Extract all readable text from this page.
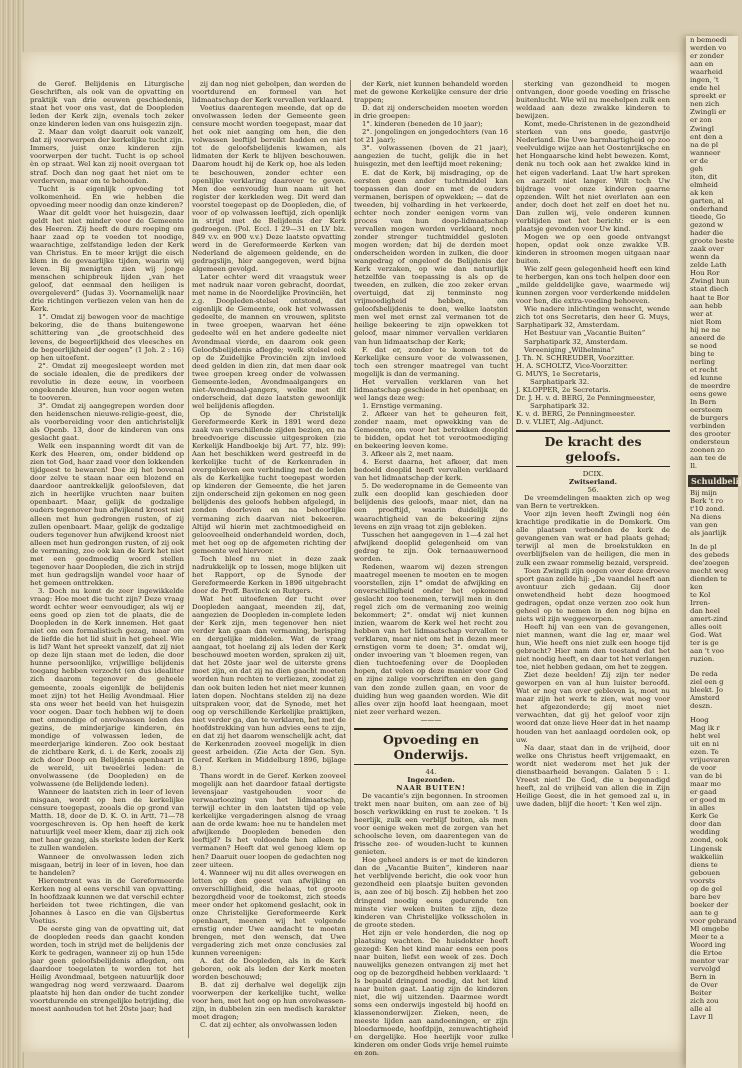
de Geref. Belijdenis en Liturgische Geschriften, als ook van de opvatting en praktijk van drie eeuwen geschiedenis, staat het voor ons vast, dat de Doopleden leden der Kerk zijn, evenals toch zeker onze kinderen leden van ons huisgezin zijn.

2. Maar dan volgt daaruit ook vanzelf, dat zij voorwerpen der kerkelijke tucht zijn. Immers, juist onze kinderen zijn voorwerpen der tucht. Tucht is op school èn op straat. Wel kan zij nooit overgaan tot straf. Doch dan nog gaat het niet om te verderven, maar om te behouden.

Tucht is eigenlijk opvoeding tot volkomenheid. En wie hebben die opvoeding meer noodig dan onze kinderen?

Waar dit geldt voor het huisgezin, daar geldt het niet minder voor de Gemeente des Heeren. Zij heeft de dure roeping om haar zaad op te voeden tot noodige, waarachtige, zelfstandige leden der Kerk van Christus. En te meer krijgt die eisch klem in de gevaarlijke tijden, waarin wij leven. Bij menigten zien wij jonge menschen schipbreuk lijden „van het geloof, dat eenmaal den heiligen is overgeleverd” (Judas 3). Voornamelijk naar drie richtingen verliezen velen van hen de Kerk.

1°. Omdat zij bewogen voor de machtige bekoring, die de thans buitengewone schittering van „de grootschheid des levens, de begeerlijkheid des vleesches en de begeerlijkheid der oogen” (1 Joh. 2 : 16) op hen uitoefent.

2°. Omdat zij meegesleept worden met de sociale idealen, die de predikers der revolutie in deze eeuw, in voorbeen ongekende kleuren, hun voor oogen weten te tooveren.

3°. Omdat zij aangegrepen worden door den heidenschen nieuwe-religie-geest, die, als voorbereiding voor den antichristelijk als Openb. 13, door de kinderen van ons geslacht gaat.

Welk een inspanning wordt dit van de Kerk des Heeren, om, onder biddend op zien tot God, haar zaad voor den lokkenden tijdgeest te bewaren! Doe zij het bovenal door zelve te staan naar een blozend en daardoor aantrekkelijk geloofsleven, dat zich in heerlijke vruchten naar buiten openbaart. Maar, gelijk de godzalige ouders tegenover hun afwijkend kroost niet alleen met hun gedrongen rusten, of zij zullen openbaart. Maar, gelijk de godzalige ouders tegenover hun afwijkend kroost niet alleen met hun gedrongen rusten, of zij ook de vermaning, zoo ook kan de Kerk het niet met een goedmoedig woord stellen tegenover haar Doopleden, die zich in strijd met hun gedragslijn wandel voor haar of het gemeen onttrekken.

3. Doch nu komt de zeer ingewikkelde vraag: Hoe moet die tucht zijn? Deze vraag wordt echter weer eenvoudiger, als wij er eens goed op zien tot de plaats, die de Doopleden in de Kerk innemen. Het gaat niet om een formalistisch gezag, maar om de liefde die het lid sluit in het geheel. Wie is lid? Want het spreekt vanzelf, dat zij niet op deze lijn staan met de leden, die door hunne persoonlijke, vrijwillige belijdenis toegang hebben verzocht (en dus idealiter zich daarom tegenover de geheele gemeente, zooals eigenlijk de belijdenis moet zijn) tot het Heilig Avondmaal. Hier sta ons weer het beeld van het huisgezin voor oogen. Daar toch hebben wij te doen met onmondige of onvolwassen leden des gezins, de minderjarige kinderen, én mondige of volwassen leden, de meerderjarige kinderen. Zoo ook bestaat de zichtbare Kerk, d. i. de Kerk, zooals zij zich door Doop en Belijdenis openbaart in de wereld, uit tweeërlei leden: de onvolwassene (de Doopleden) en de volwassene (de Belijdende leden).

Wanneer de laatsten zich in leer of leven misgaan, wordt op hen de kerkelijke censure toegepast, zooals die op grond van Matth. 18, door de D. K. O. in Artt. 71—78 voorgeschreven is. Op hen heeft de kerk natuurlijk veel meer klem, daar zij zich ook met haar gezag, als sterkste leden der Kerk te zullen wandelen.

Wanneer de onvolwassen leden zich misgaan, betrij in leer of in leven, hoe dan te handelen?

Hieromtrent was in de Gereformeerde Kerken nog al eens verschil van opvatting. In hoofdzaak kunnen we dat verschil echter herleiden tot twee richtingen, die van Johannes à Lasco en die van Gijsbertus Voetius.

De eerste ging van de opvatting uit, dat de doopleden reeds dan gaacht konden worden, toch in strijd met de belijdenis der Kerk te gedragen, wanneer zij op hun 15de jaar geen geloofsbelijdenis aflegden, om daardoor toegelaten te worden tot het Heilig Avondmaal, betgeen natuurlijk door wangedrag nog werd verzwaard. Daarom plaatste hij hen dan onder de tucht zonder voortdurende en strengelijke betrijding, die moest aanhouden tot het 20ste jaar; had

zij dan nog niet gebolpen, dan werden de voortdurend en formeel van het lidmaatschap der Kerk vervallen verklaard.

Voetius daarentegen meende, dat op de onvolwassen leden der Gemeente geen censure mocht worden toegepast, maar dat het ook niet aanging om hen, die den volwassen leeftijd bereikt hadden en niet tot de geloofsbelijdenis kwamen, als lidmaten der Kerk te blijven beschouwen. Daarom houdt hij de Kerk op, hoe als leden te beschouwen, zonder echter een openlijke verklaring daarover te geven. Men doe eenvoudig hun naam uit het register der kerkleden weg. Dit werd dan voorstel toegepast op de Doopleden, die, of voor of op volwassen leeftijd, zich openlijk in strijd met de Belijdenis der Kerk gedroegen. (Pol. Eccl. I 29—31 en LV blz. 849 v.v. en 900 v.v.) Deze laatste opvatting werd in de Gereformeerde Kerken van Nederland de algemeen geldende, en de gedragslijn, hier aangegeven, werd bijna algemeen gevolgd.

Later echter werd dit vraagstuk weer met nadruk naar voren gebracht, doordat, met name in de Noordelijke Provinciën, het z.g. Doopleden-stelsel ontstond, dat eigenlijk de Gemeente, ook het volwassen gedeelte, de mannen en vrouwen, splitste in twee groepen, waarvan het ééne gedeelte wél en het andere gedeelte niet Avondmaal vierde, en daarom ook geen Geloofsbelijdenis aflegde; welk stelsel ook op de Zuidelijke Provinciën zijn invloed deed gelden in dien zin, dat men daar ook twee groepen kreeg onder de volwassen Gemeente-leden, Avondmaalgangers en niet-Avondmaal-gangers, welke met dit onderscheid, dat deze laatsten gewoonlijk wel belijdenis aflegden.

Op de Synode der Christelijk Gereformeerde Kerk in 1891 werd deze zaak van verschillende zijden bezien, en na breedvoerige discussie uitgesproken (zie Kerkelijk Handboekje bij Art. 77, blz. 99): Aan het beschikken werd gestreefd in de kerkelijke tucht of de Kerkenraden in overgebleven een verbinding met de leden als de Kerkelijke tucht toegepast worden op kinderen der Gemeente, die het jaren zijn onderscheid zijn gekomen en nog geen belijdenis des geloofs hebben afgelegd, in zonden doorleven en na behoorlijke vermaning zich daarvan niet bekeeren. Altijd wil hierin met zachtmoedigheid en gelooveelheid onderhandeld worden, doch, met het oog op de afgemeten richting der gemeente wel hiervoor.

Toch bleef nu niet in deze zaak nadrukkelijk op te lossen, moge blijken uit het Rapport, op de Synode der Gereformeerde Kerken in 1896 uitgebracht door de Proff. Bavinck en Rutgers.

Wat het uitoefenen der tucht over Doopleden aangaat, meenden zij, dat, aangezien de Doopleden in-complete leden der Kerk zijn, men tegenover hen niet verder kan gaan dan vermaning, berisping en dergelijke middelen. Wat de vraag aangaat, tot hoelang zij als leden der Kerk beschouwd moeten worden, spraken zij uit, dat het 20ste jaar wel de uiterste grens moet zijn, en dat zij na dien gaacht moeten worden hun rechten te verliezen, zoodat zij dan ook buiten leden het niet meer kunnen laten dopen. Nochtans stelden zij na deze uitspraken voor, dat de Synode, met het oog op verschillende Kerkelijke praktijken, niet verder ga, dan te verklaren, het met de hoofdstrekking van hun advies eens te zijn, en dat zij het daarom wenschelijk acht, dat de Kerkenraden zooveel mogelijk in dien geest arbeiden. (Zie Acta der Gen. Syn. Geref. Kerken in Middelburg 1896, bijlage 8.)

Thans wordt in de Geref. Kerken zooveel mogelijk aan het daardoor fataal dertigste levensjaar vastgehouden voor de verwaarloozing van het lidmaatschap, terwijl echter in den laatsten tijd op vele kerkelijke vergaderingen alsnog de vraag aan de orde kwam: hoe nu te handelen met afwijkende Doopleden beneden den leeftijd? Is het voldoende hen alleen te vermanen? Heeft dat wel genoeg klem op hen? Daaruit ouer loopen de gedachten nog zeer uiteen.

4. Wanneer wij nu dit alles overwegen en letten op den geest van afwijking en onverschilligheid, die helaas, tot groote bezorgdheid voor de toekomst, zich steeds meer onder het opkomend geslacht, ook in onze Christelijke Gereformeerde Kerk openbaart, meenen wij het volgende ernstig onder Uwe aandacht te moeten brengen, met den wensch, dat Uwe vergadering zich met onze conclusies zal kunnen vereenigen:

A. dat de Doopleden, als in de Kerk geboren, ook als leden der Kerk moeten worden beschouwd;

B. dat zij derhalve wel degelijk zijn voorwerpen der kerkelijke tucht, welke voor hen, met het oog op hun onvolwassen-zijn, in dubbelen zin een medisch karakter moet dragen;

C. dat zij echter, als onvolwassen leden

der Kerk, niet kunnen behandeld worden met de gewone Kerkelijke censure der drie trappen;

D. dat zij onderscheiden moeten worden in drie groepen:

1°. kinderen (beneden de 10 jaar);

2°. jongelingen en jongedochters (van 16 tot 21 jaar);

3°. volwassenen (boven de 21 jaar), aangezien de tucht, gelijk die in het huisgezin, met den leeftijd moet rekening;

E. dat de Kerk, bij misdraging, op de eersten geen ander tuchtmiddel kan toepassen dan door en met de ouders vermanen, berispen of opwekken; — dat de tweeden, bij volharding in het verkeerde, echter noch zonder eenigen vorm van proces van hun doop-lidmaatschap vervallen mogen worden verklaard, noch zonder strenger tuchtmiddel gesloten mogen worden; dat bij de derden moet onderscheiden worden in zulken, die door wangedrag of ongeloof de Belijdenis der Kerk verzaken, op wie dan natuurlijk hetzelfde van toepassing is als op de tweeden, en zulken, die zoo zeker ervan overtuigd, dat zij tenminste nog vrijmoedigheid hebben, om geloofsbelijdenis te doen, welke laatsten men wel met ernst zal vermanen tot de heilige bekeering te zijn opwekken tot geloof, maar nimmer vervallen verklaren van hun lidmaatschap der Kerk;

F. dat er, zonder te komen tot de Kerkelijke censure voor de volwassenen, toch een strenger maatregel van tucht mogelijk is dan de vermaning.

Het vervallen verklaren van het lidmaatschap geschiede in het openbaar, en wel langs deze weg:

1. Ernstige vermaning.

2. Afkeer van het te geheuren feit, zonder naam, met opwekking van de Gemeente, om voor het betrokken dooplid te bidden, opdat het tot verootmoediging en bekeering leeven kome.

3. Afkeer als 2, met naam.

4. Eerst daarna, het afkeer, dat men bedoeld dooplid heeft vervallen verklaard van het lidmaatschap der kerk.

5. De wederopname in de Gemeente van zulk een dooplid kan geschieden door belijdenis des geloofs, maar niet, dan na een proeftijd, waarin duidelijk de waarachtigheid van de bekeering zijns levens en zijn vraag tot zijn gebleken.

Tusschen het aangegeven in 1—4 zal het afwijkend dooplid gelegenheid om van gedrag te zijn. Ook ternaauwernood worden.

Redenen, waarom wij dezen strengen maatregel meenen te moeten en te mogen voorstellen, zijn 1° omdat de afwijking en onverschilligheid onder het opkomend geslacht zoo toenemen, terwijl men in den regel zich om de vermaning zoo weinig bekommert; 2°. omdat wij niet kunnen inzien, waarom de Kerk wel het recht zou hebben van het lidmaatschap vervallen te verklaren, maar niet om het in dezen meer ernstigen vorm te doen; 3°. omdat wij, onder invoering van 't bloemen regen, van dien tuchtoefening over de Doopleden hopen, dat velen op deze manier voor God en zijne zalige voorschriften en den gang van den zonde zullen gaan, en voor de duiding hun weg gaanden worden. Wie dit alles over zijn hoofd laat heengaan, moet niet zeer verhard wezen.

———

Opvoeding en Onderwijs.

44.

Ingezonden.

NAAR BUITEN!

De vacantie's zijn begonnen. In stroomen trekt men naar buiten, om aan zee of bij bosch verkwikking en rust te zoeken. 't Is heerlijk, zulk een verblijf buiten, als men voor eenige weken met de zorgen van het schoolsche leven, om daarentegen van de frissche zee- of wouden-lucht te kunnen genieten.

Hoe geheel anders is er met de kinderen dan de „Vacantie Buiten”, kinderen naar het verblijvende bericht, die ook voor hun gezondheid een plaatsje buiten gevonden is, aan zee of bij bosch. Zij hebben het zoo dringend noodig eens gedurende ten minste vier weken buiten te zijn, deze kinderen van Christelijke volksscholen in de groote steden.

Het zijn er vele honderden, die nog op plaatsing wachten. De huisdokter heeft gezegd: Ken het kind maar eens een poos naar buiten, liefst een week of zes. Doch nauwelijks genezen ontvangen zij met het oog op de bezorgdheid hebben verklaard: 't Is bepaald dringend noodig, dat het kind naar buiten gaat. Laatig zijn de kinderen niet, die wij uitzenden. Daarmee wordt soms een onderwijs ingesteld bij hoofd en klassenonderwijzer. Zieken, neen, de meeste lijden aan aandoeningen, er zijn bloedarmoede, hoofdpijn, zenuwachtigheid en dergelijke. Hoe heerlijk voor zulke kinderen om onder Gods vrije hemel ruimte en zon.

sterking van gezondheid te mogen ontvangen, door goede voeding en frissche buitenlucht. Wie wil nu meehelpen zulk een weldaad aan deze zwakke kinderen te bewijzen.

Komt, mede-Christenen in de gezondheid sterken van ons goede, gastvrije Nederland. Die Uwe barmhartigheid op zoo veelvuldige wijze aan het Oostenrijksche en het Hongaarsche kind hebt bewezen. Komt, denk nu toch ook aan het zwakke kind in het eigen vaderland. Laat Uw hart spreken en aarzelt niet langer. Wilt toch Uw bijdrage voor onze kinderen gaarne opzenden. Wilt het niet overlaten aan een ander, doch doet het zelf en doet het nu. Dan zullen wij, vele onderen kunnen verblijden met het bericht: er is een plaatsje gevonden voor Uw kind.

Mogen we op een goede ontvangst hopen, opdat ook onze zwakke V.B. kinderen in stroomen mogen uitgaan naar buiten.

Wie zelf geen gelegenheid heeft een kind te herbergen, kan ons toch helpen door een „milde gelddelijke gave, waarmede wij kunnen zorgen voor verderkende middelen voor hen, die extra-voeding behoeven.

Wie nadere inlichtingen wenscht, wende zich tot ons Secretaris, den heer G. Muys, Sarphatipark 32, Amsterdam.

Het Bestuur van „Vacantie Buiten”

Sarphatipark 32, Amsterdam.

Vereeniging „Wilhelmina”

J. Th. N. SCHREUDER, Voorzitter.

H. A. SCHOLTZ, Vice-Voorzitter.

G. MUYS, 1e Secretaris,

Sarphatipark 32.

J. KLOPPER, 2e Secretaris.

Dr. J. H. v. d. BERG, 2e Penningmeester,

Sarphatipark 32.

K. v. d. BERG, 2e Penningmeester.

D. v. VLIET, Alg.-Adjunct.

De kracht des geloofs.

DCIX.

Zwitserland.

56.

De vreemdelingen maakten zich op weg van Bern te vertrekken.

Voor zijn leven heeft Zwingli nog één krachtige predikatie in de Domkerk. Om alle plaatsen verbonden de kerk de gevangenen van wat er had plaats gehad; terwijl al men de broekstukken en overblijfselen van de heiligen, die men in zulk een zwaar rommelig bezaid, verspreid.

Toen Zwingli zijn oogen over deze droeve sport gaan zeilde hij: „De vaandel heeft aan avontuur zich gedaan. Gij door onwetendheid hebt deze hoogmoed gedragen, opdat onze verzen zoo ook hun geheel op te nemen in den nog bijna en niets wil zijn weggeworpen.

Heeft hij van een van de gevangenen, niet mannen, want die lag er, maar wel hun, Wie heeft ons niet zulk een hooge tijd gebracht? Hier nam den toestand dat het niet noodig heeft, en daar tot het verlangen toe, niet hebben gedaan, om het te zeggen.

Ziet deze beelden! Zij zijn ter neder geworpen en van al hun luister beroofd. Wat er nog van over gebleven is, moet nu maar zijn het werk te zien, wat nog voor het afgezonderde; gij moet niet verwachten, dat gij het geloof voor zijn woord dat onze lieve Heer dat in het naamp houden van het aanlaagd oordelen ook, op uw.

Na daar, staat dan in de vrijheid, door welke ons Christus heeft vrijgemaakt, en wordt niet wederom met het juk der dienstbaarheid bevangen. Galaten 5 : 1. Vreest niet! De God, die u begenadigd heeft, zal de vrijheid van allen die in Zijn Heilige Geest, die in het gemoed zal u, in uwe daden, blijf die hoort: 't Ken wel zijn.

n bemoedi
werden vo
er zonder
aan en
waarheid
ingen, 't
ende hel
spreekt er
nen zich
Zwingli er
er zon
Zwingl
ent den a
na de pl
wanneer
er de
geh
iten, dit
elmheid
ak ken
garten, al
onderhand
tieede, Go
gezond w
hader die
groote beste
zaak over
wenn da
zelde Lath
Hou Ror
Zwingl hun
staat diech
haat te Bor
aan hebb
wer at
niet Rom
hij ne ne
aneerd de
se nood
bing te
nerling
et recht
ed kunne
de meerdre
eens gewe
In Bern
eersteem
de burgers
verbinden
des grooter
ondersteun
zoonen zo
aan tee de
Il.
Schuldbelij
Bij mijn
Berk 't ro
t'10 zond.
Na diens
van gen
als jaarlijk
In de pl
des gebeds
dee'zoegen
mecht weg
dienden te
ken
te Kol
Irren-
dan heel
amert-zind
alles ooit
God. Wat
ter is ge
aan 't voo
ruzion.
De reda
ziel een g
bleekt. Jo
Amsterd
deszn.
Hoog
Mag ik r
hebt wel
uit en ni
ezen. Te
vrijuevaren
de voor
van de bi
maar mo
er gaad
er goed m
in alles
Kerk Ge
door dan
wedding
zoond, ook
Lingensk
wakkeliin
diens te
gebouen
voorsts
op de gel
bare bev
boeker der
aan te g
voor gebrand
Ml omgebe
Meer te a
Woord ing
die Ertoe
mentor var
vervolgd
Bern in
de Over
Beiter
zich zou
alle al
Lavr Il
